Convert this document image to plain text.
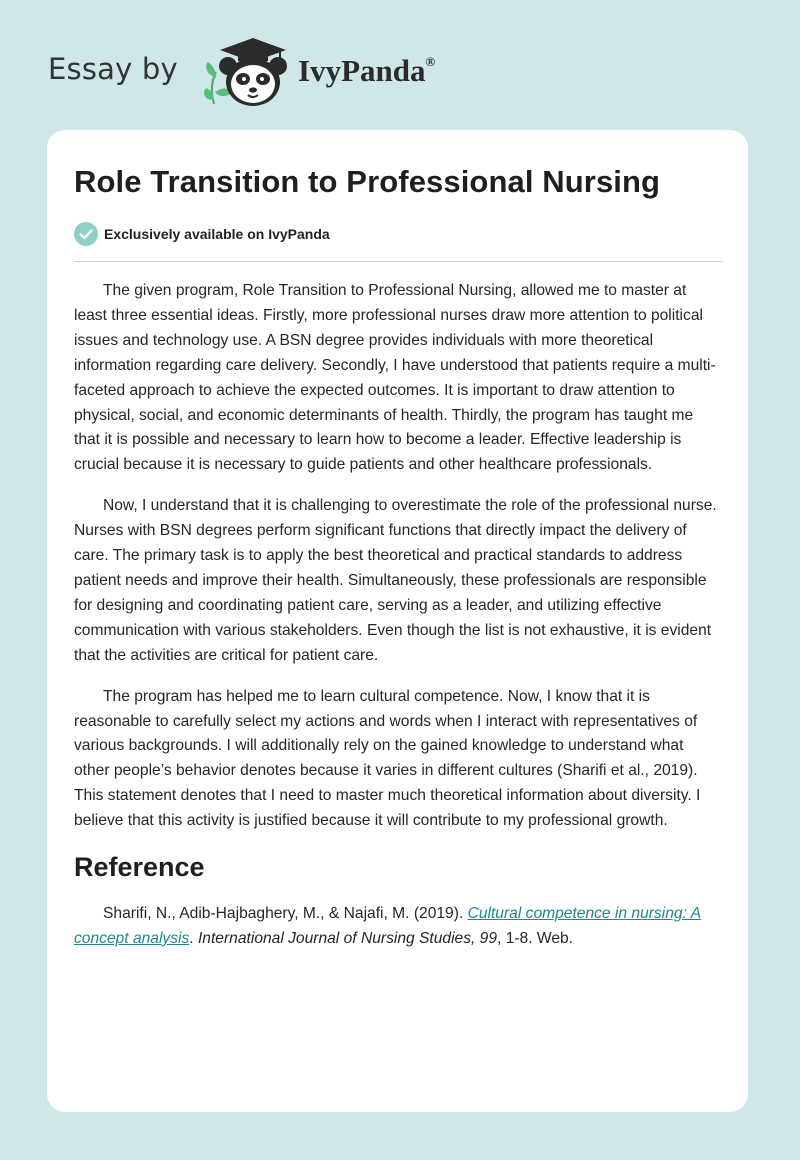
Essay by	IvyPanda®
Role Transition to Professional Nursing
Exclusively available on IvyPanda

The given program, Role Transition to Professional Nursing, allowed me to master at least three essential ideas. Firstly, more professional nurses draw more attention to political issues and technology use. A BSN degree provides individuals with more theoretical information regarding care delivery. Secondly, I have understood that patients require a multi-faceted approach to achieve the expected outcomes. It is important to draw attention to physical, social, and economic determinants of health. Thirdly, the program has taught me that it is possible and necessary to learn how to become a leader. Effective leadership is crucial because it is necessary to guide patients and other healthcare professionals.

Now, I understand that it is challenging to overestimate the role of the professional nurse. Nurses with BSN degrees perform significant functions that directly impact the delivery of care. The primary task is to apply the best theoretical and practical standards to address patient needs and improve their health. Simultaneously, these professionals are responsible for designing and coordinating patient care, serving as a leader, and utilizing effective communication with various stakeholders. Even though the list is not exhaustive, it is evident that the activities are critical for patient care.

The program has helped me to learn cultural competence. Now, I know that it is reasonable to carefully select my actions and words when I interact with representatives of various backgrounds. I will additionally rely on the gained knowledge to understand what other people’s behavior denotes because it varies in different cultures (Sharifi et al., 2019). This statement denotes that I need to master much theoretical information about diversity. I believe that this activity is justified because it will contribute to my professional growth.

Reference

Sharifi, N., Adib-Hajbaghery, M., & Najafi, M. (2019). Cultural competence in nursing: A concept analysis. International Journal of Nursing Studies, 99, 1-8. Web.
